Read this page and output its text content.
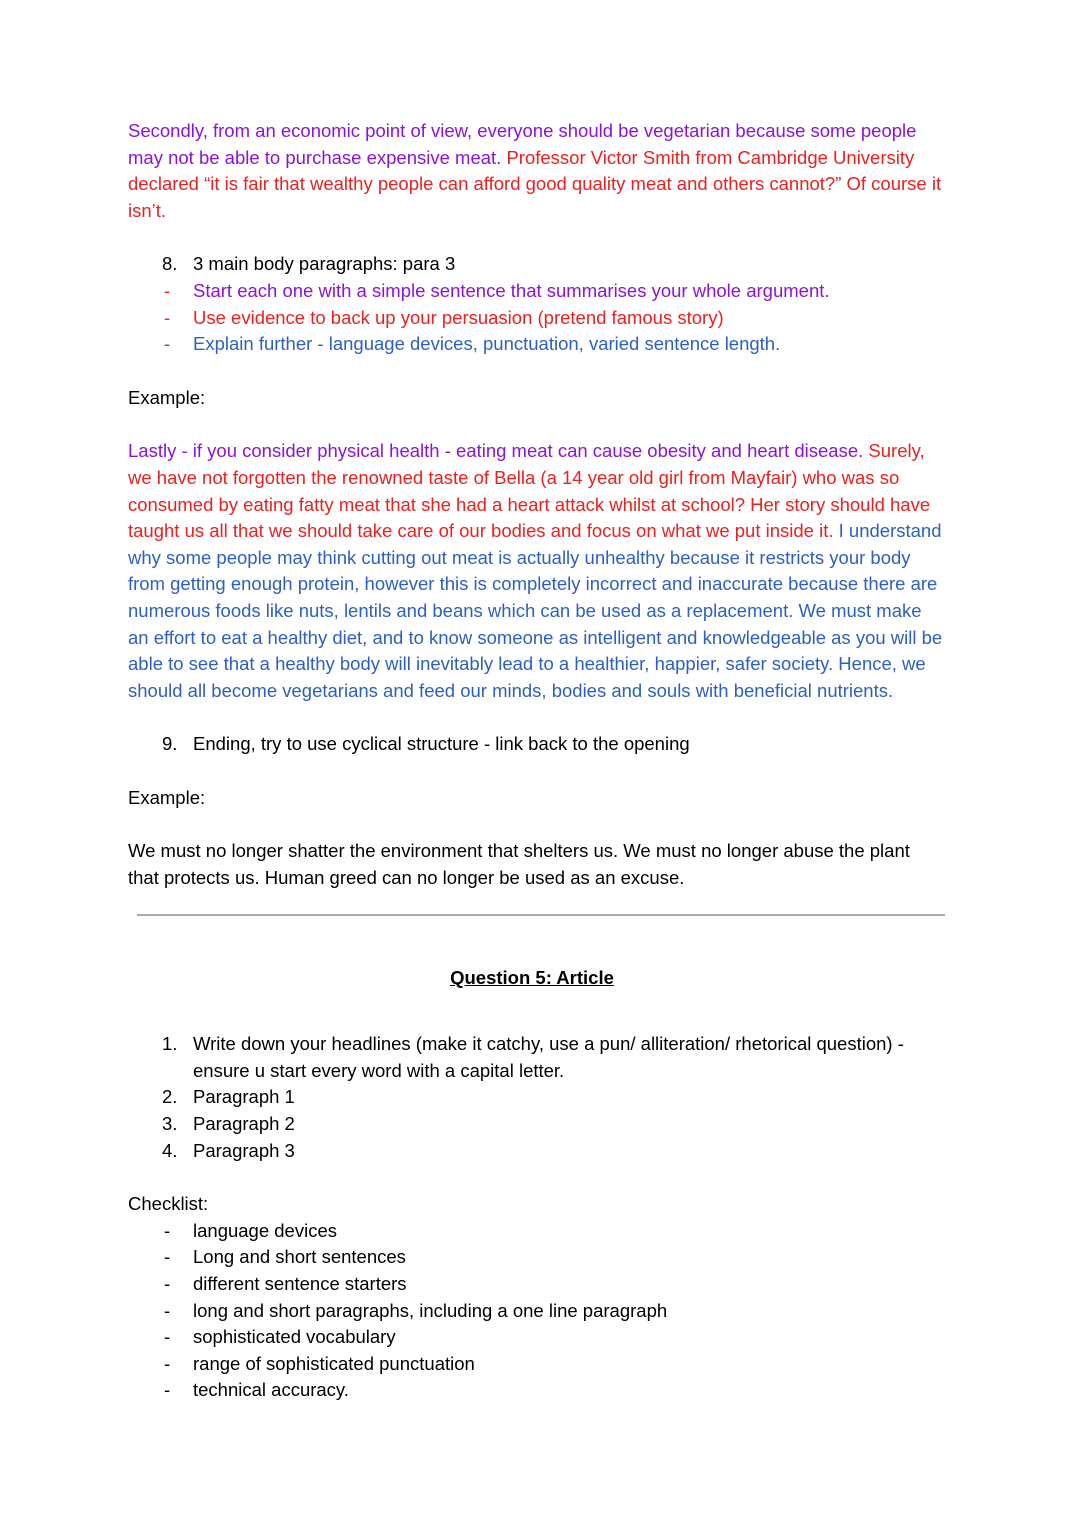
Secondly, from an economic point of view, everyone should be vegetarian because some people may not be able to purchase expensive meat. Professor Victor Smith from Cambridge University declared “it is fair that wealthy people can afford good quality meat and others cannot?” Of course it isn’t.

8. 3 main body paragraphs: para 3
- Start each one with a simple sentence that summarises your whole argument.
- Use evidence to back up your persuasion (pretend famous story)
- Explain further - language devices, punctuation, varied sentence length.

Example:

Lastly - if you consider physical health - eating meat can cause obesity and heart disease. Surely, we have not forgotten the renowned taste of Bella (a 14 year old girl from Mayfair) who was so consumed by eating fatty meat that she had a heart attack whilst at school? Her story should have taught us all that we should take care of our bodies and focus on what we put inside it. I understand why some people may think cutting out meat is actually unhealthy because it restricts your body from getting enough protein, however this is completely incorrect and inaccurate because there are numerous foods like nuts, lentils and beans which can be used as a replacement. We must make an effort to eat a healthy diet, and to know someone as intelligent and knowledgeable as you will be able to see that a healthy body will inevitably lead to a healthier, happier, safer society. Hence, we should all become vegetarians and feed our minds, bodies and souls with beneficial nutrients.

9. Ending, try to use cyclical structure - link back to the opening

Example:

We must no longer shatter the environment that shelters us. We must no longer abuse the plant that protects us. Human greed can no longer be used as an excuse.

Question 5: Article

1. Write down your headlines (make it catchy, use a pun/ alliteration/ rhetorical question) - ensure u start every word with a capital letter.
2. Paragraph 1
3. Paragraph 2
4. Paragraph 3

Checklist:

- language devices
- Long and short sentences
- different sentence starters
- long and short paragraphs, including a one line paragraph
- sophisticated vocabulary
- range of sophisticated punctuation
- technical accuracy.
